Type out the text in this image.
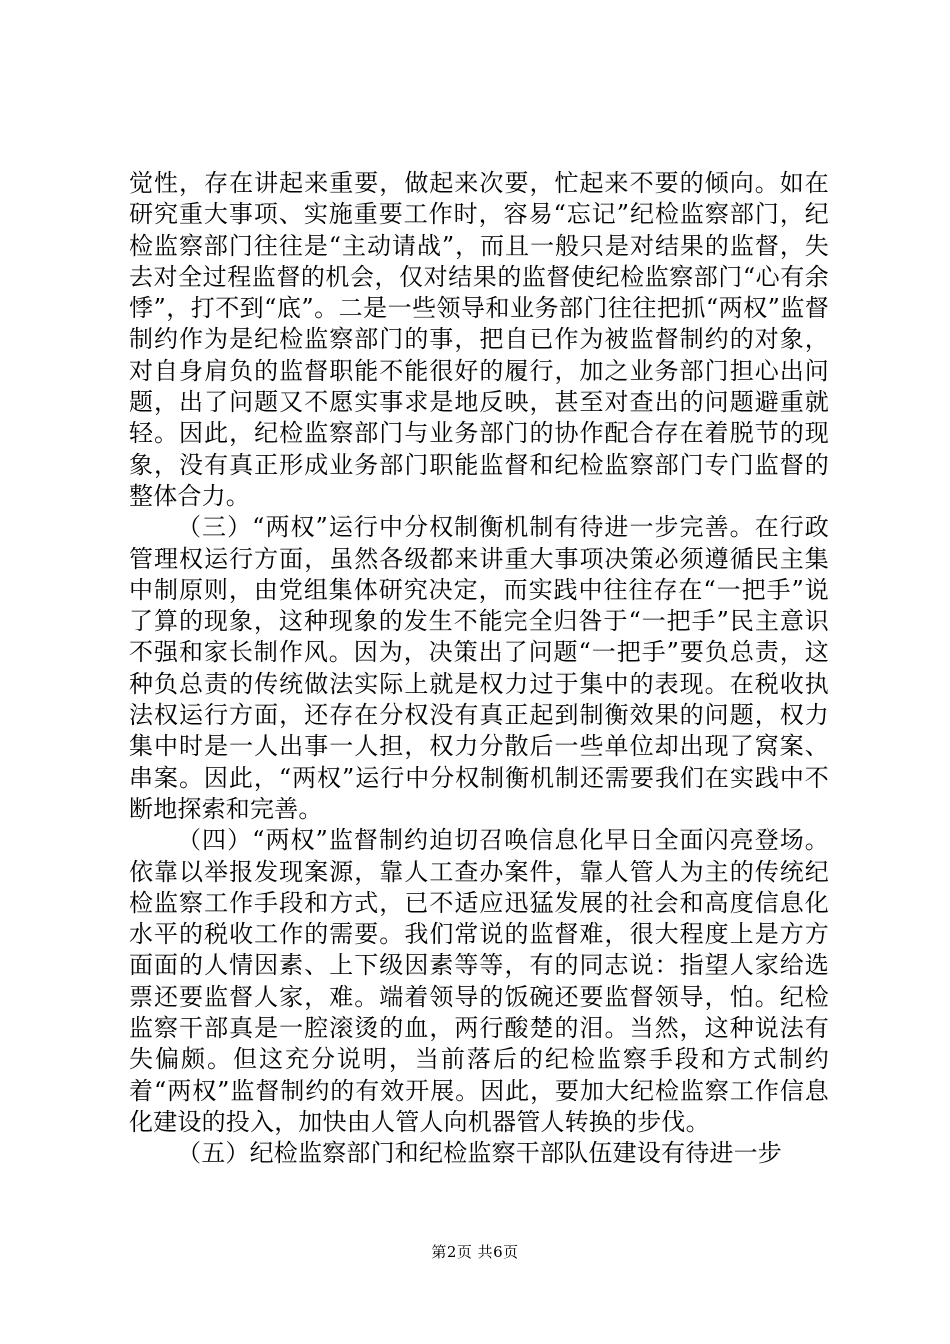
觉性，存在讲起来重要，做起来次要，忙起来不要的倾向。如在研究重大事项、实施重要工作时，容易“忘记”纪检监察部门，纪检监察部门往往是“主动请战”，而且一般只是对结果的监督，失去对全过程监督的机会，仅对结果的监督使纪检监察部门“心有余悸”，打不到“底”。二是一些领导和业务部门往往把抓“两权”监督制约作为是纪检监察部门的事，把自已作为被监督制约的对象，对自身肩负的监督职能不能很好的履行，加之业务部门担心出问题，出了问题又不愿实事求是地反映，甚至对查出的问题避重就轻。因此，纪检监察部门与业务部门的协作配合存在着脱节的现象，没有真正形成业务部门职能监督和纪检监察部门专门监督的整体合力。

（三）“两权”运行中分权制衡机制有待进一步完善。在行政管理权运行方面，虽然各级都来讲重大事项决策必须遵循民主集中制原则，由党组集体研究决定，而实践中往往存在“一把手”说了算的现象，这种现象的发生不能完全归咎于“一把手”民主意识不强和家长制作风。因为，决策出了问题“一把手”要负总责，这种负总责的传统做法实际上就是权力过于集中的表现。在税收执法权运行方面，还存在分权没有真正起到制衡效果的问题，权力集中时是一人出事一人担，权力分散后一些单位却出现了窝案、串案。因此，“两权”运行中分权制衡机制还需要我们在实践中不断地探索和完善。

（四）“两权”监督制约迫切召唤信息化早日全面闪亮登场。依靠以举报发现案源，靠人工查办案件，靠人管人为主的传统纪检监察工作手段和方式，已不适应迅猛发展的社会和高度信息化水平的税收工作的需要。我们常说的监督难，很大程度上是方方面面的人情因素、上下级因素等等，有的同志说：指望人家给选票还要监督人家，难。端着领导的饭碗还要监督领导，怕。纪检监察干部真是一腔滚烫的血，两行酸楚的泪。当然，这种说法有失偏颇。但这充分说明，当前落后的纪检监察手段和方式制约着“两权”监督制约的有效开展。因此，要加大纪检监察工作信息化建设的投入，加快由人管人向机器管人转换的步伐。

（五）纪检监察部门和纪检监察干部队伍建设有待进一步

第2页 共6页
